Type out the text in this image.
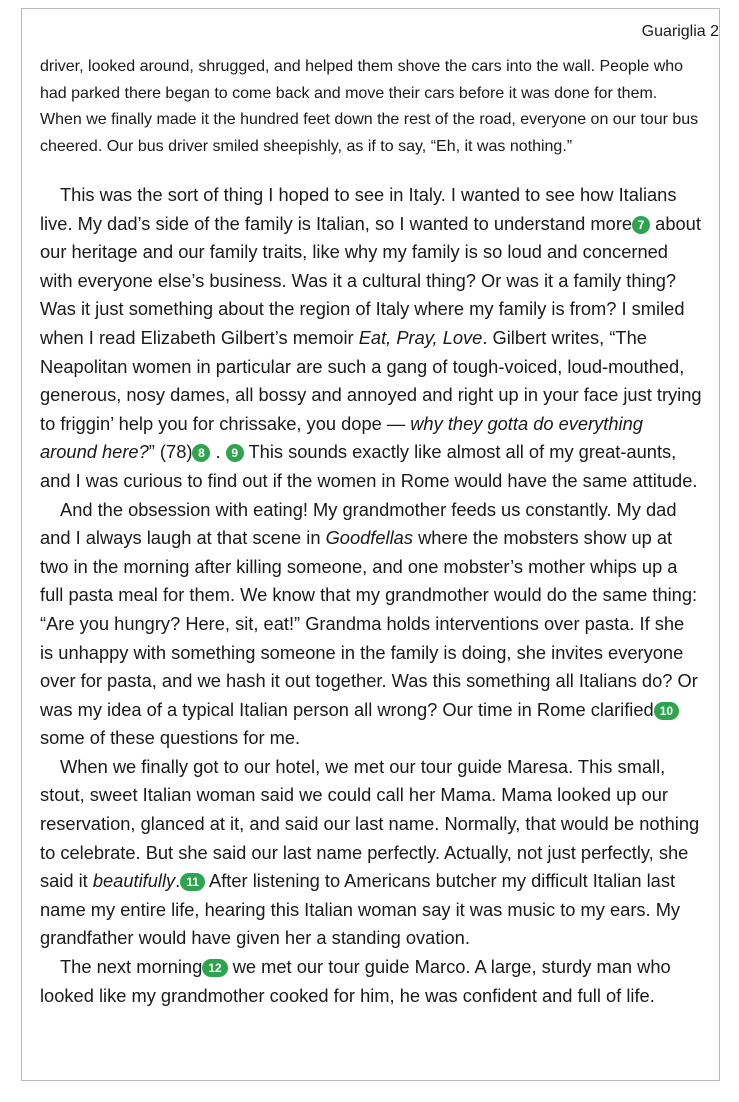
Guariglia 2

driver, looked around, shrugged, and helped them shove the cars into the wall. People who had parked there began to come back and move their cars before it was done for them. When we finally made it the hundred feet down the rest of the road, everyone on our tour bus cheered. Our bus driver smiled sheepishly, as if to say, “Eh, it was nothing.”

This was the sort of thing I hoped to see in Italy. I wanted to see how Italians live. My dad’s side of the family is Italian, so I wanted to understand more 7 about our heritage and our family traits, like why my family is so loud and concerned with everyone else’s business. Was it a cultural thing? Or was it a family thing? Was it just something about the region of Italy where my family is from? I smiled when I read Elizabeth Gilbert’s memoir Eat, Pray, Love. Gilbert writes, “The Neapolitan women in particular are such a gang of tough-voiced, loud-mouthed, generous, nosy dames, all bossy and annoyed and right up in your face just trying to friggin’ help you for chrissake, you dope — why they gotta do everything around here?” (78) 8 . 9 This sounds exactly like almost all of my great-aunts, and I was curious to find out if the women in Rome would have the same attitude.

And the obsession with eating! My grandmother feeds us constantly. My dad and I always laugh at that scene in Goodfellas where the mobsters show up at two in the morning after killing someone, and one mobster’s mother whips up a full pasta meal for them. We know that my grandmother would do the same thing: “Are you hungry? Here, sit, eat!” Grandma holds interventions over pasta. If she is unhappy with something someone in the family is doing, she invites everyone over for pasta, and we hash it out together. Was this something all Italians do? Or was my idea of a typical Italian person all wrong? Our time in Rome clarified 10 some of these questions for me.

When we finally got to our hotel, we met our tour guide Maresa. This small, stout, sweet Italian woman said we could call her Mama. Mama looked up our reservation, glanced at it, and said our last name. Normally, that would be nothing to celebrate. But she said our last name perfectly. Actually, not just perfectly, she said it beautifully. 11 After listening to Americans butcher my difficult Italian last name my entire life, hearing this Italian woman say it was music to my ears. My grandfather would have given her a standing ovation.

The next morning 12 we met our tour guide Marco. A large, sturdy man who looked like my grandmother cooked for him, he was confident and full of life.
